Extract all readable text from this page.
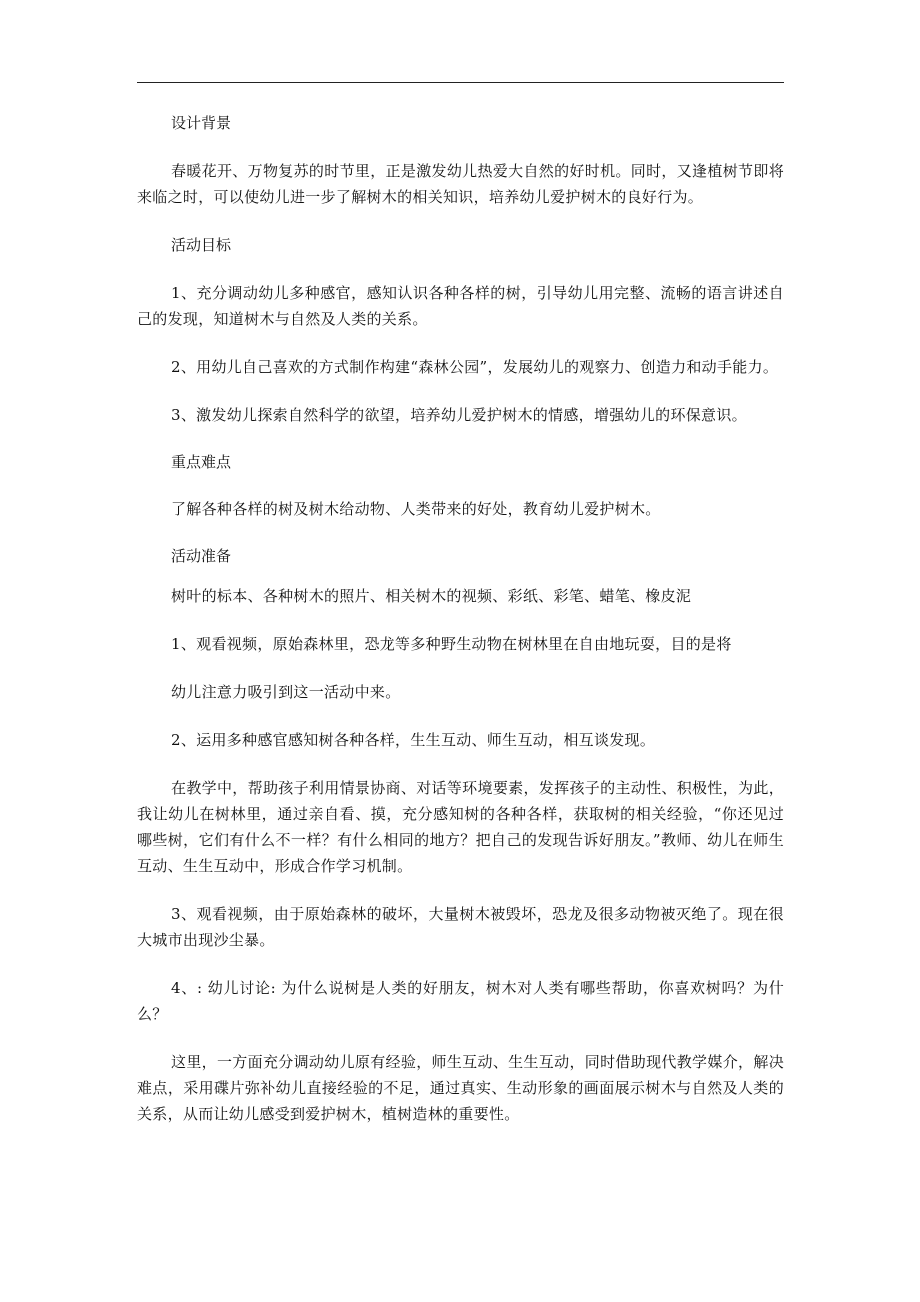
设计背景

春暖花开、万物复苏的时节里，正是激发幼儿热爱大自然的好时机。同时，又逢植树节即将来临之时，可以使幼儿进一步了解树木的相关知识，培养幼儿爱护树木的良好行为。

活动目标

1、充分调动幼儿多种感官，感知认识各种各样的树，引导幼儿用完整、流畅的语言讲述自己的发现，知道树木与自然及人类的关系。

2、用幼儿自己喜欢的方式制作构建“森林公园”，发展幼儿的观察力、创造力和动手能力。

3、激发幼儿探索自然科学的欲望，培养幼儿爱护树木的情感，增强幼儿的环保意识。

重点难点

了解各种各样的树及树木给动物、人类带来的好处，教育幼儿爱护树木。

活动准备

树叶的标本、各种树木的照片、相关树木的视频、彩纸、彩笔、蜡笔、橡皮泥

1、观看视频，原始森林里，恐龙等多种野生动物在树林里在自由地玩耍，目的是将

幼儿注意力吸引到这一活动中来。

2、运用多种感官感知树各种各样，生生互动、师生互动，相互谈发现。

在教学中，帮助孩子利用情景协商、对话等环境要素，发挥孩子的主动性、积极性，为此，我让幼儿在树林里，通过亲自看、摸，充分感知树的各种各样，获取树的相关经验，“你还见过哪些树，它们有什么不一样？有什么相同的地方？把自己的发现告诉好朋友。”教师、幼儿在师生互动、生生互动中，形成合作学习机制。

3、观看视频，由于原始森林的破坏，大量树木被毁坏，恐龙及很多动物被灭绝了。现在很大城市出现沙尘暴。

4、: 幼儿讨论: 为什么说树是人类的好朋友，树木对人类有哪些帮助，你喜欢树吗？为什么？

这里，一方面充分调动幼儿原有经验，师生互动、生生互动，同时借助现代教学媒介，解决难点，采用碟片弥补幼儿直接经验的不足，通过真实、生动形象的画面展示树木与自然及人类的关系，从而让幼儿感受到爱护树木，植树造林的重要性。
